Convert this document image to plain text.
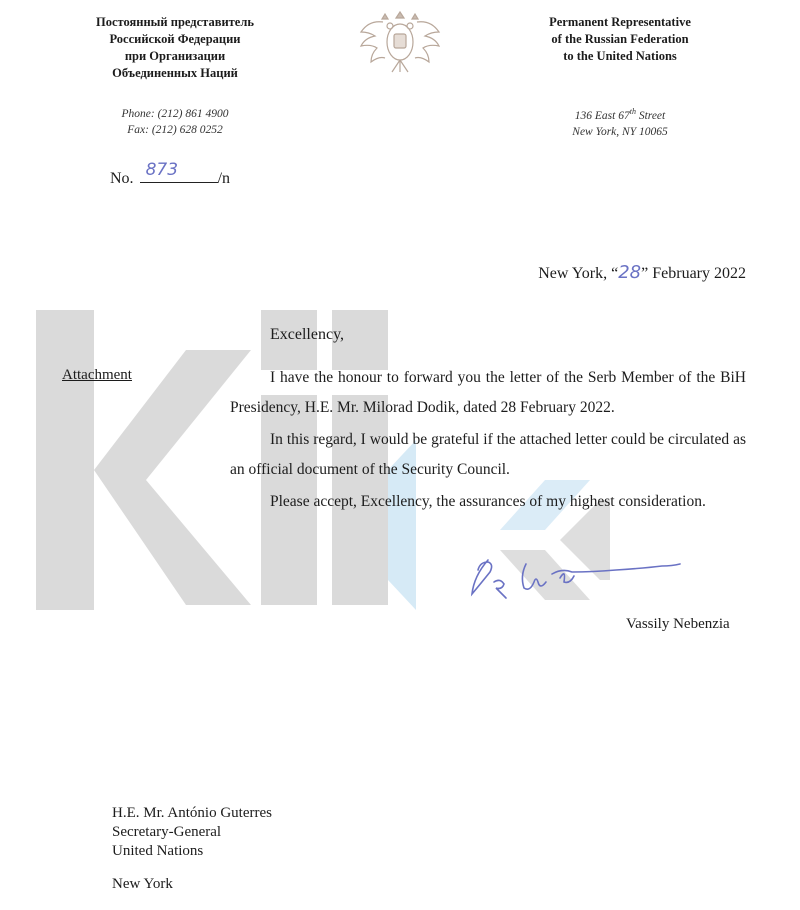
Постоянный представитель
Российской Федерации
при Организации
Объединенных Наций
Phone: (212) 861 4900
Fax: (212) 628 0252
Permanent Representative
of the Russian Federation
to the United Nations
136 East 67th Street
New York, NY 10065
No. 873 /n
New York, “28” February 2022
Excellency,
Attachment	I have the honour to forward you the letter of the Serb Member of the BiH Presidency, H.E. Mr. Milorad Dodik, dated 28 February 2022.
In this regard, I would be grateful if the attached letter could be circulated as an official document of the Security Council.
Please accept, Excellency, the assurances of my highest consideration.
Vassily Nebenzia
H.E. Mr. António Guterres
Secretary-General
United Nations
New York
